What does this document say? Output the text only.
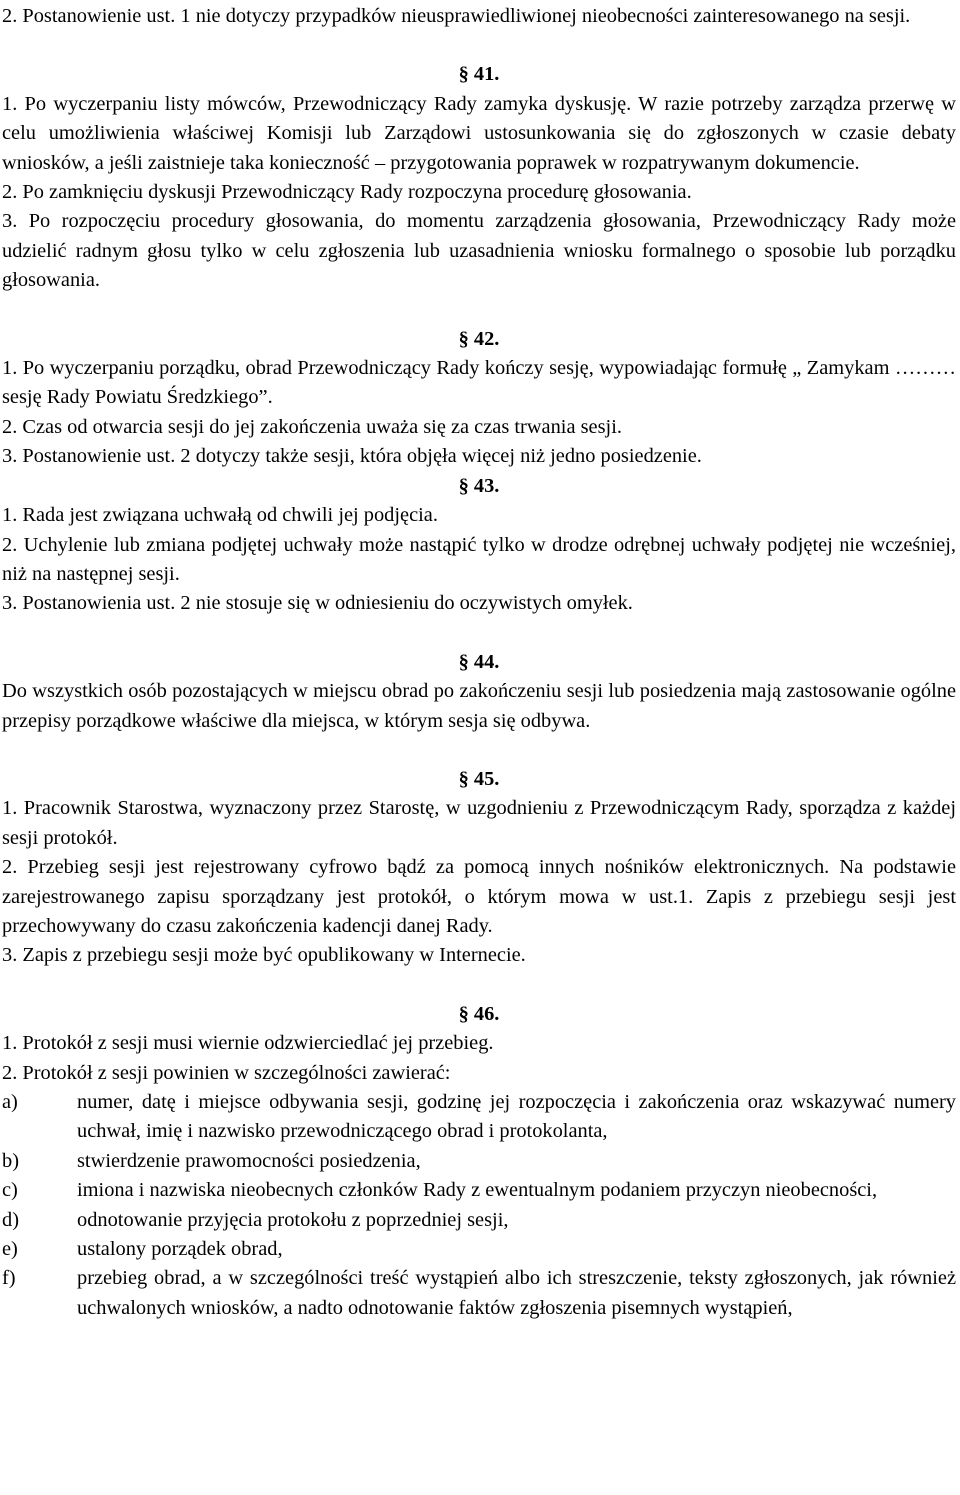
2. Postanowienie ust. 1 nie dotyczy przypadków nieusprawiedliwionej nieobecności zainteresowanego na sesji.

§ 41.

1. Po wyczerpaniu listy mówców, Przewodniczący Rady zamyka dyskusję. W razie potrzeby zarządza przerwę w celu umożliwienia właściwej Komisji lub Zarządowi ustosunkowania się do zgłoszonych w czasie debaty wniosków, a jeśli zaistnieje taka konieczność – przygotowania poprawek w rozpatrywanym dokumencie.

2. Po zamknięciu dyskusji Przewodniczący Rady rozpoczyna procedurę głosowania.

3. Po rozpoczęciu procedury głosowania, do momentu zarządzenia głosowania, Przewodniczący Rady może udzielić radnym głosu tylko w celu zgłoszenia lub uzasadnienia wniosku formalnego o sposobie lub porządku głosowania.

§ 42.

1. Po wyczerpaniu porządku, obrad Przewodniczący Rady kończy sesję, wypowiadając formułę „ Zamykam ……… sesję Rady Powiatu Średzkiego”.

2. Czas od otwarcia sesji do jej zakończenia uważa się za czas trwania sesji.

3. Postanowienie ust. 2 dotyczy także sesji, która objęła więcej niż jedno posiedzenie.

§ 43.

1. Rada jest związana uchwałą od chwili jej podjęcia.

2. Uchylenie lub zmiana podjętej uchwały może nastąpić tylko w drodze odrębnej uchwały podjętej nie wcześniej, niż na następnej sesji.

3. Postanowienia ust. 2 nie stosuje się w odniesieniu do oczywistych omyłek.

§ 44.

Do wszystkich osób pozostających w miejscu obrad po zakończeniu sesji lub posiedzenia mają zastosowanie ogólne przepisy porządkowe właściwe dla miejsca, w którym sesja się odbywa.

§ 45.

1. Pracownik Starostwa, wyznaczony przez Starostę, w uzgodnieniu z Przewodniczącym Rady, sporządza z każdej sesji protokół.

2. Przebieg sesji jest rejestrowany cyfrowo bądź za pomocą innych nośników elektronicznych. Na podstawie zarejestrowanego zapisu sporządzany jest protokół, o którym mowa w ust.1. Zapis z przebiegu sesji jest przechowywany do czasu zakończenia kadencji danej Rady.

3. Zapis z przebiegu sesji może być opublikowany w Internecie.

§ 46.

1. Protokół z sesji musi wiernie odzwierciedlać jej przebieg.

2. Protokół z sesji powinien w szczególności zawierać:

a)	numer, datę i miejsce odbywania sesji, godzinę jej rozpoczęcia i zakończenia oraz wskazywać numery uchwał, imię i nazwisko przewodniczącego obrad i protokolanta,
b)	stwierdzenie prawomocności posiedzenia,
c)	imiona i nazwiska nieobecnych członków Rady z ewentualnym podaniem przyczyn nieobecności,
d)	odnotowanie przyjęcia protokołu z poprzedniej sesji,
e)	ustalony porządek obrad,
f)	przebieg obrad, a w szczególności treść wystąpień albo ich streszczenie, teksty zgłoszonych, jak również uchwalonych wniosków, a nadto odnotowanie faktów zgłoszenia pisemnych wystąpień,
